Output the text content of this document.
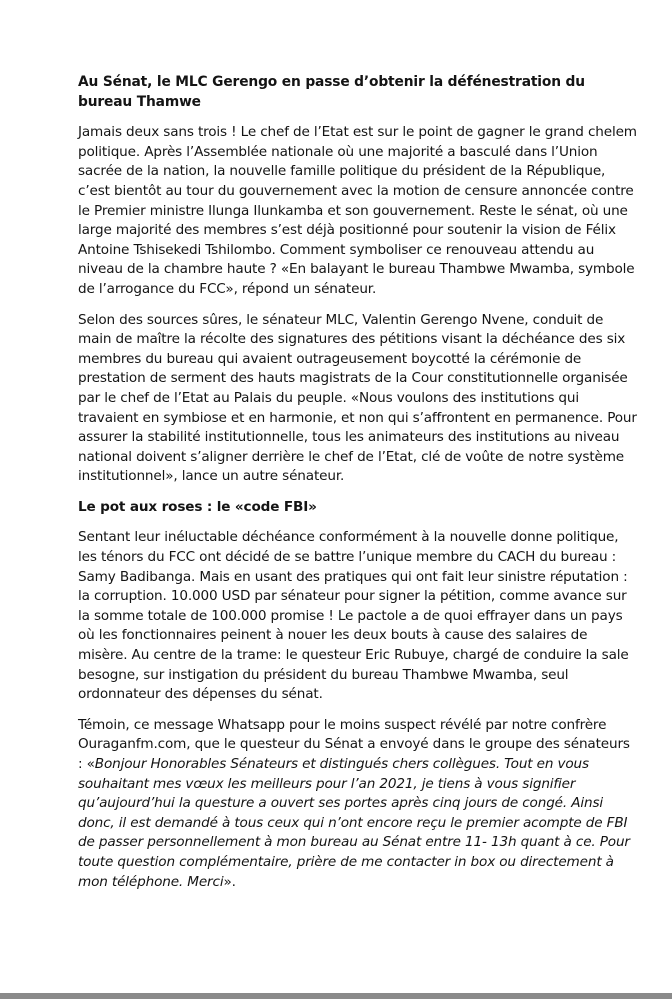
Au Sénat, le MLC Gerengo en passe d’obtenir la défénestration du bureau Thamwe

Jamais deux sans trois ! Le chef de l’Etat est sur le point de gagner le grand chelem politique. Après l’Assemblée nationale où une majorité a basculé dans l’Union sacrée de la nation, la nouvelle famille politique du président de la République, c’est bientôt au tour du gouvernement avec la motion de censure annoncée contre le Premier ministre Ilunga Ilunkamba et son gouvernement. Reste le sénat, où une large majorité des membres s’est déjà positionné pour soutenir la vision de Félix Antoine Tshisekedi Tshilombo. Comment symboliser ce renouveau attendu au niveau de la chambre haute ? «En balayant le bureau Thambwe Mwamba, symbole de l’arrogance du FCC», répond un sénateur.

Selon des sources sûres, le sénateur MLC, Valentin Gerengo Nvene, conduit de main de maître la récolte des signatures des pétitions visant la déchéance des six membres du bureau qui avaient outrageusement boycotté la cérémonie de prestation de serment des hauts magistrats de la Cour constitutionnelle organisée par le chef de l’Etat au Palais du peuple. «Nous voulons des institutions qui travaient en symbiose et en harmonie, et non qui s’affrontent en permanence. Pour assurer la stabilité institutionnelle, tous les animateurs des institutions au niveau national doivent s’aligner derrière le chef de l’Etat, clé de voûte de notre système institutionnel», lance un autre sénateur.

Le pot aux roses : le «code FBI»

Sentant leur inéluctable déchéance conformément à la nouvelle donne politique, les ténors du FCC ont décidé de se battre l’unique membre du CACH du bureau : Samy Badibanga. Mais en usant des pratiques qui ont fait leur sinistre réputation : la corruption. 10.000 USD par sénateur pour signer la pétition, comme avance sur la somme totale de 100.000 promise ! Le pactole a de quoi effrayer dans un pays où les fonctionnaires peinent à nouer les deux bouts à cause des salaires de misère. Au centre de la trame: le questeur Eric Rubuye, chargé de conduire la sale besogne, sur instigation du président du bureau Thambwe Mwamba, seul ordonnateur des dépenses du sénat.

Témoin, ce message Whatsapp pour le moins suspect révélé par notre confrère Ouraganfm.com, que le questeur du Sénat a envoyé dans le groupe des sénateurs : «Bonjour Honorables Sénateurs et distingués chers collègues. Tout en vous souhaitant mes vœux les meilleurs pour l’an 2021, je tiens à vous signifier qu’aujourd’hui la questure a ouvert ses portes après cinq jours de congé. Ainsi donc, il est demandé à tous ceux qui n’ont encore reçu le premier acompte de FBI de passer personnellement à mon bureau au Sénat entre 11- 13h quant à ce. Pour toute question complémentaire, prière de me contacter in box ou directement à mon téléphone. Merci».
